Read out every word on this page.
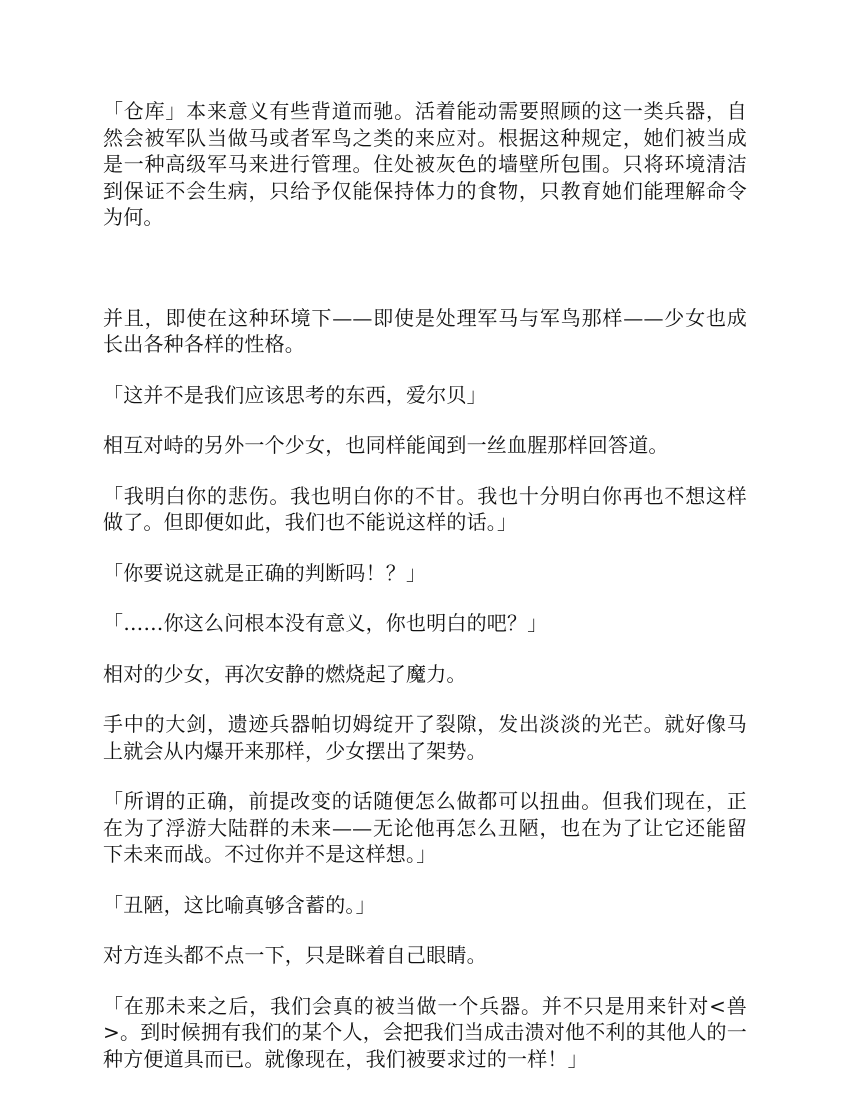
「仓库」本来意义有些背道而驰。活着能动需要照顾的这一类兵器，自然会被军队当做马或者军鸟之类的来应对。根据这种规定，她们被当成是一种高级军马来进行管理。住处被灰色的墙壁所包围。只将环境清洁到保证不会生病，只给予仅能保持体力的食物，只教育她们能理解命令为何。

并且，即使在这种环境下——即使是处理军马与军鸟那样——少女也成长出各种各样的性格。

「这并不是我们应该思考的东西，爱尔贝」

相互对峙的另外一个少女，也同样能闻到一丝血腥那样回答道。

「我明白你的悲伤。我也明白你的不甘。我也十分明白你再也不想这样做了。但即便如此，我们也不能说这样的话。」

「你要说这就是正确的判断吗！？」

「……你这么问根本没有意义，你也明白的吧？」

相对的少女，再次安静的燃烧起了魔力。

手中的大剑，遗迹兵器帕切姆绽开了裂隙，发出淡淡的光芒。就好像马上就会从内爆开来那样，少女摆出了架势。

「所谓的正确，前提改变的话随便怎么做都可以扭曲。但我们现在，正在为了浮游大陆群的未来——无论他再怎么丑陋，也在为了让它还能留下未来而战。不过你并不是这样想。」

「丑陋，这比喻真够含蓄的。」

对方连头都不点一下，只是眯着自己眼睛。

「在那未来之后，我们会真的被当做一个兵器。并不只是用来针对<兽>。到时候拥有我们的某个人，会把我们当成击溃对他不利的其他人的一种方便道具而已。就像现在，我们被要求过的一样！」
